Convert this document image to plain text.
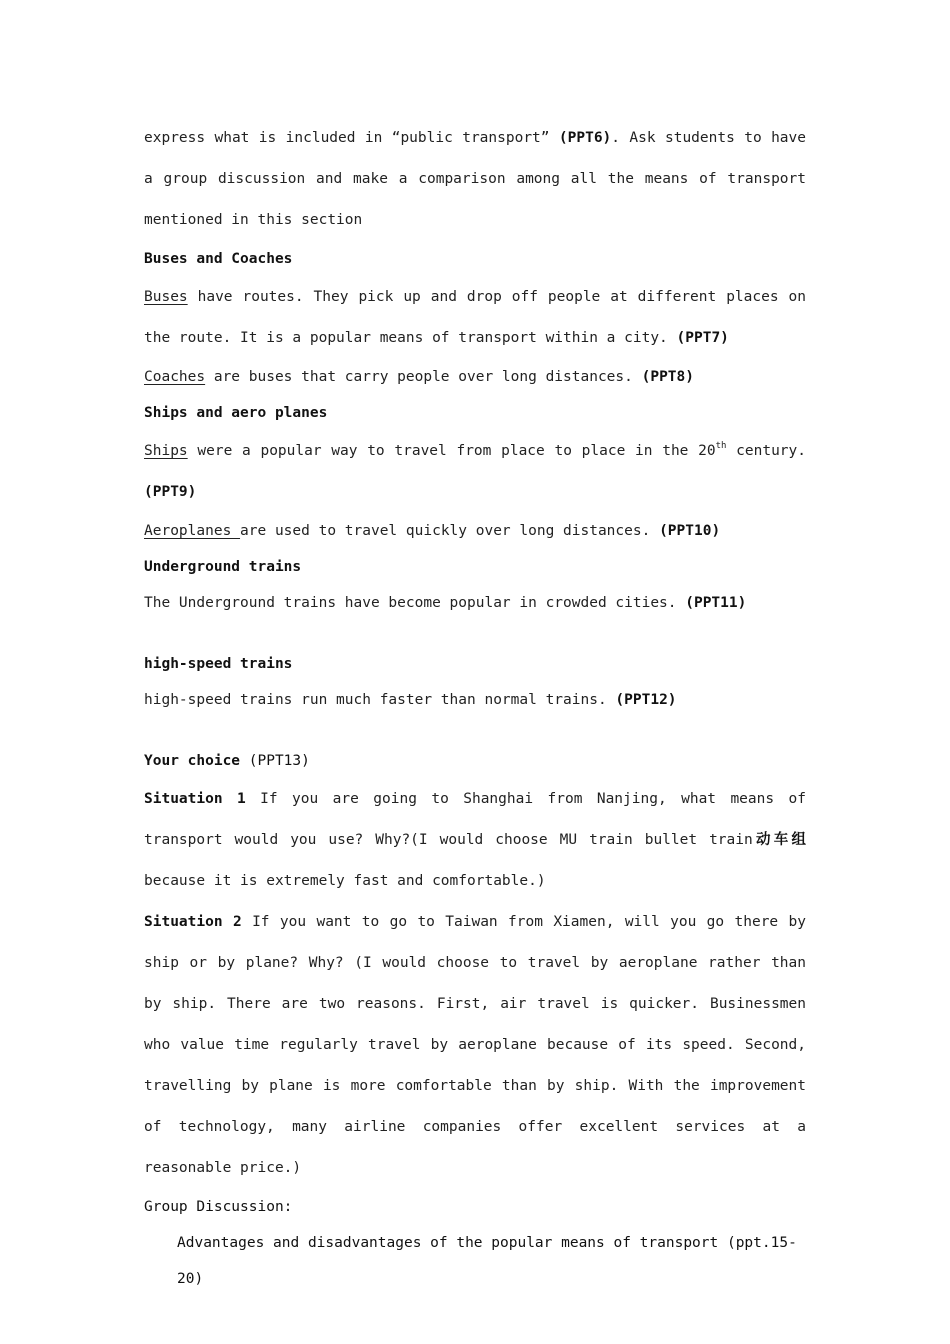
express what is included in “public transport” (PPT6). Ask students to have a group discussion and make a comparison among all the means of transport mentioned in this section

Buses and Coaches

Buses have routes. They pick up and drop off people at different places on the route. It is a popular means of transport within a city. (PPT7)

Coaches are buses that carry people over long distances. (PPT8)

Ships and aero planes

Ships were a popular way to travel from place to place in the 20th century. (PPT9)

Aeroplanes are used to travel quickly over long distances. (PPT10)

Underground trains

The Underground trains have become popular in crowded cities. (PPT11)

high-speed trains

high-speed trains run much faster than normal trains. (PPT12)

Your choice (PPT13)

Situation 1 If you are going to Shanghai from Nanjing, what means of transport would you use? Why?(I would choose MU train bullet train动车组because it is extremely fast and comfortable.)

Situation 2 If you want to go to Taiwan from Xiamen, will you go there by ship or by plane? Why? (I would choose to travel by aeroplane rather than by ship. There are two reasons. First, air travel is quicker. Businessmen who value time regularly travel by aeroplane because of its speed. Second, travelling by plane is more comfortable than by ship. With the improvement of technology, many airline companies offer excellent services at a reasonable price.)

Group Discussion:

Advantages and disadvantages of the popular means of transport (ppt.15-20)
